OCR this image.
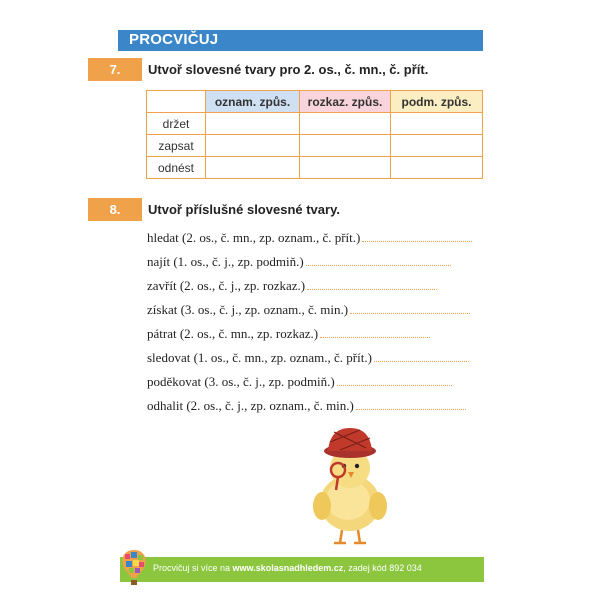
PROCVIČUJ
7.	Utvoř slovesné tvary pro 2. os., č. mn., č. přít.
	oznam. způs.	rozkaz. způs.	podm. způs.
držet			
zapsat			
odnést			
8.	Utvoř příslušné slovesné tvary.
hledat (2. os., č. mn., zp. oznam., č. přít.)
najít (1. os., č. j., zp. podmiň.)
zavřít (2. os., č. j., zp. rozkaz.)
získat (3. os., č. j., zp. oznam., č. min.)
pátrat (2. os., č. mn., zp. rozkaz.)
sledovat (1. os., č. mn., zp. oznam., č. přít.)
poděkovat (3. os., č. j., zp. podmiň.)
odhalit (2. os., č. j., zp. oznam., č. min.)
Procvičuj si více na www.skolasnadhledem.cz, zadej kód 892 034
